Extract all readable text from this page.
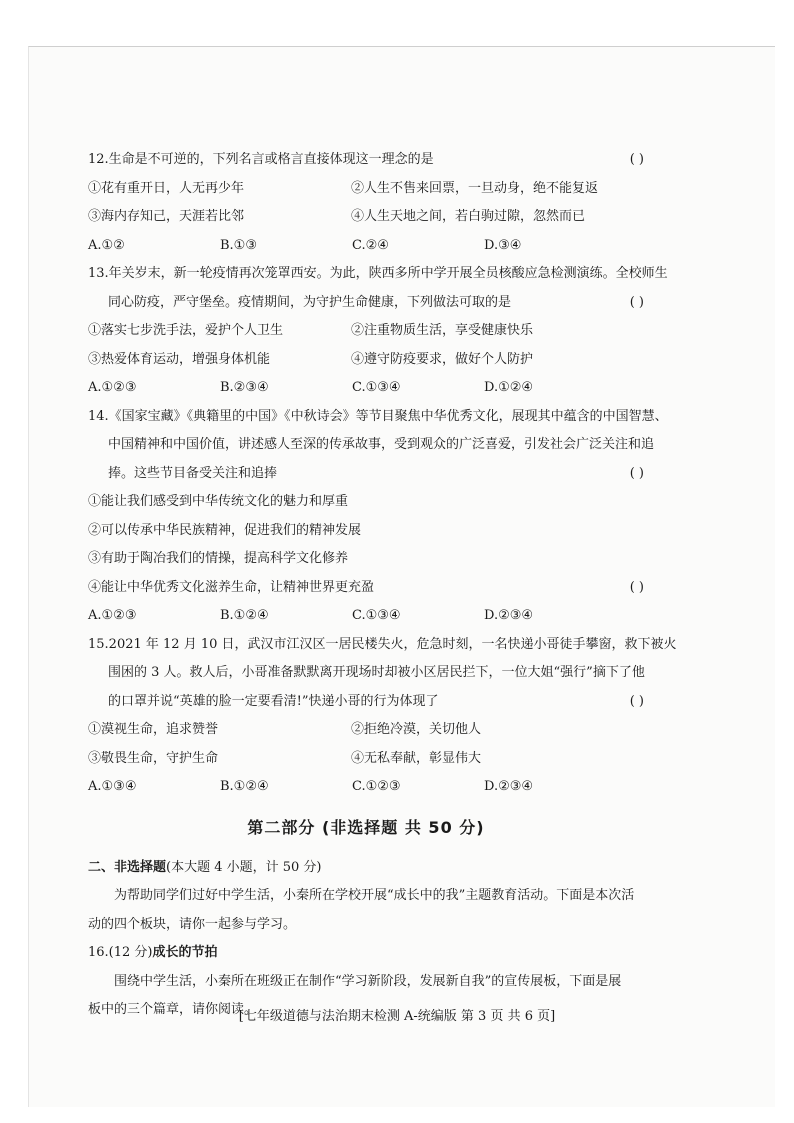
12.生命是不可逆的，下列名言或格言直接体现这一理念的是	( )
①花有重开日，人无再少年	②人生不售来回票，一旦动身，绝不能复返
③海内存知己，天涯若比邻	④人生天地之间，若白驹过隙，忽然而已
A.①②	B.①③	C.②④	D.③④
13.年关岁末，新一轮疫情再次笼罩西安。为此，陕西多所中学开展全员核酸应急检测演练。全校师生
同心防疫，严守堡垒。疫情期间，为守护生命健康，下列做法可取的是	( )
①落实七步洗手法，爱护个人卫生	②注重物质生活，享受健康快乐
③热爱体育运动，增强身体机能	④遵守防疫要求，做好个人防护
A.①②③	B.②③④	C.①③④	D.①②④
14.《国家宝藏》《典籍里的中国》《中秋诗会》等节目聚焦中华优秀文化，展现其中蕴含的中国智慧、
中国精神和中国价值，讲述感人至深的传承故事，受到观众的广泛喜爱，引发社会广泛关注和追
捧。这些节目备受关注和追捧	( )
①能让我们感受到中华传统文化的魅力和厚重
②可以传承中华民族精神，促进我们的精神发展
③有助于陶冶我们的情操，提高科学文化修养
④能让中华优秀文化滋养生命，让精神世界更充盈	( )
A.①②③	B.①②④	C.①③④	D.②③④
15.2021 年 12 月 10 日，武汉市江汉区一居民楼失火，危急时刻，一名快递小哥徒手攀窗，救下被火
围困的 3 人。救人后，小哥准备默默离开现场时却被小区居民拦下，一位大姐“强行”摘下了他
的口罩并说“英雄的脸一定要看清!”快递小哥的行为体现了	( )
①漠视生命，追求赞誉	②拒绝冷漠，关切他人
③敬畏生命，守护生命	④无私奉献，彰显伟大
A.①③④	B.①②④	C.①②③	D.②③④
第二部分 (非选择题 共 50 分)
二、非选择题(本大题 4 小题，计 50 分)
为帮助同学们过好中学生活，小秦所在学校开展“成长中的我”主题教育活动。下面是本次活
动的四个板块，请你一起参与学习。
16.(12 分)成长的节拍
围绕中学生活，小秦所在班级正在制作“学习新阶段，发展新自我”的宣传展板，下面是展
板中的三个篇章，请你阅读。
[七年级道德与法治期末检测 A-统编版 第 3 页 共 6 页]
